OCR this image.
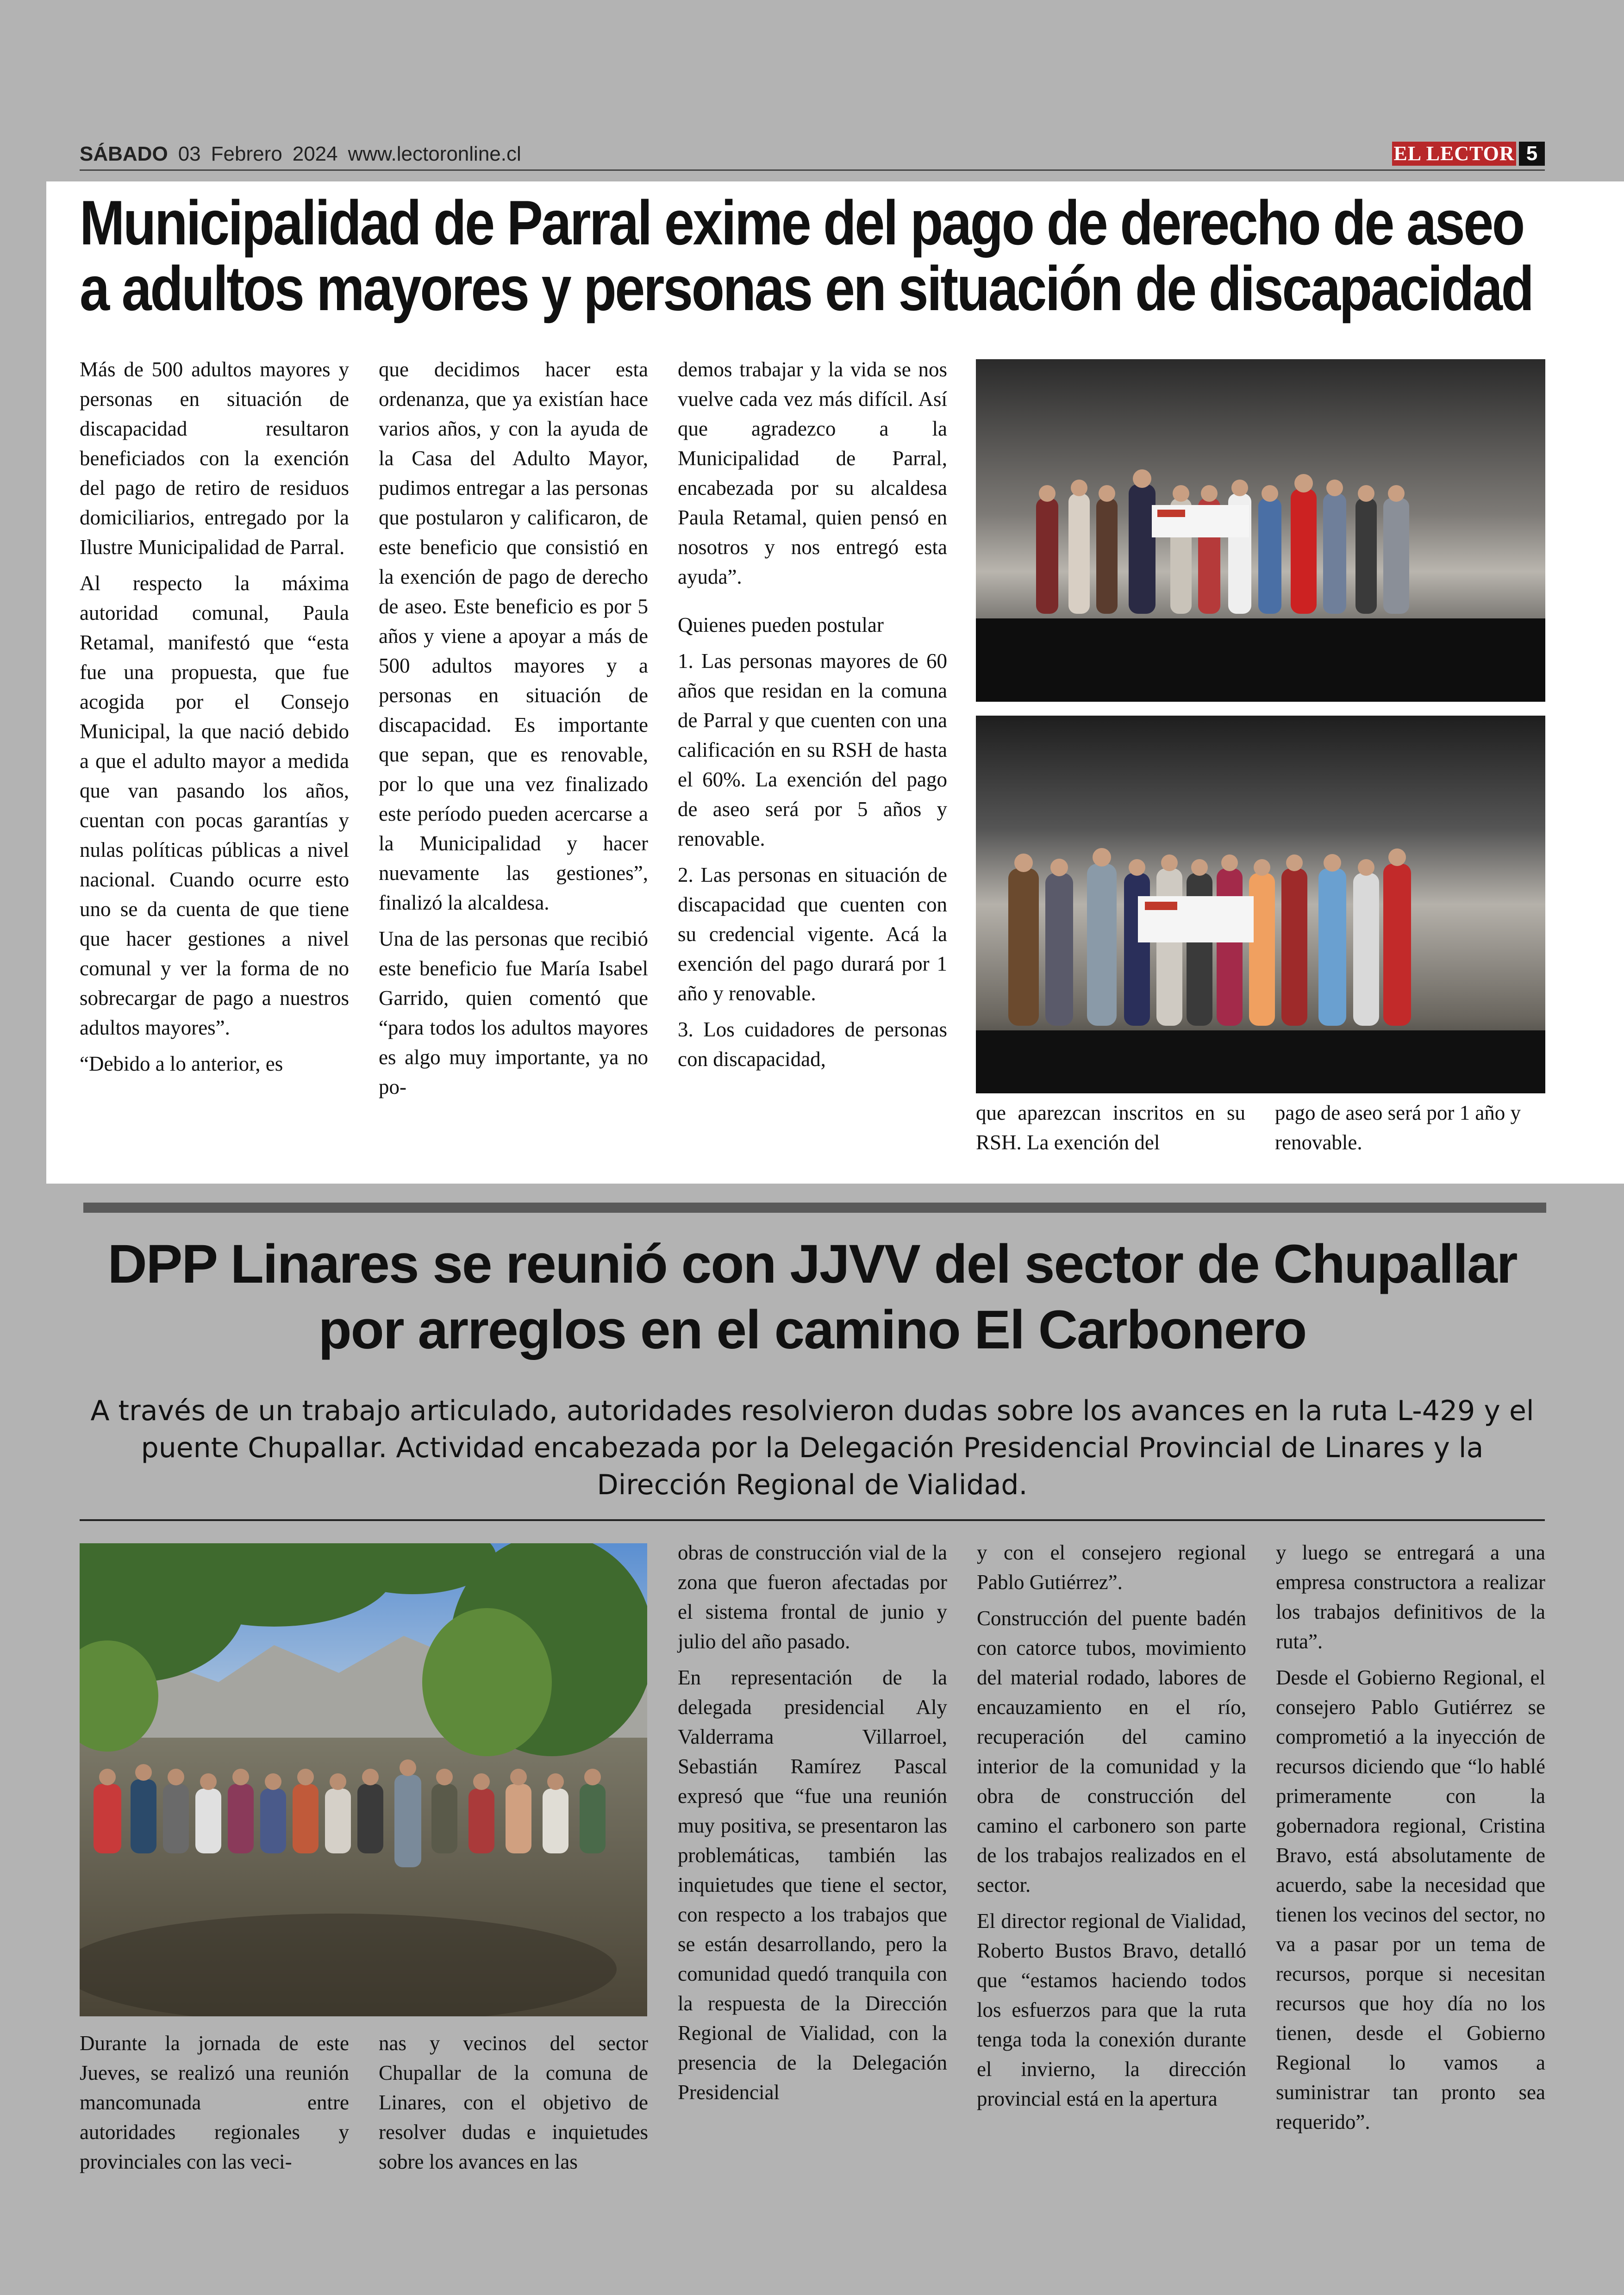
SÁBADO 03 Febrero 2024 www.lectoronline.cl	EL LECTOR 5
Municipalidad de Parral exime del pago de derecho de aseo
a adultos mayores y personas en situación de discapacidad

Más de 500 adultos mayores y personas en situación de discapacidad resultaron beneficiados con la exención del pago de retiro de residuos domiciliarios, entregado por la Ilustre Municipalidad de Parral.

Al respecto la máxima autoridad comunal, Paula Retamal, manifestó que “esta fue una propuesta, que fue acogida por el Consejo Municipal, la que nació debido a que el adulto mayor a medida que van pasando los años, cuentan con pocas garantías y nulas políticas públicas a nivel nacional. Cuando ocurre esto uno se da cuenta de que tiene que hacer gestiones a nivel comunal y ver la forma de no sobrecargar de pago a nuestros adultos mayores”.

“Debido a lo anterior, es

que decidimos hacer esta ordenanza, que ya existían hace varios años, y con la ayuda de la Casa del Adulto Mayor, pudimos entregar a las personas que postularon y calificaron, de este beneficio que consistió en la exención de pago de derecho de aseo. Este beneficio es por 5 años y viene a apoyar a más de 500 adultos mayores y a personas en situación de discapacidad. Es importante que sepan, que es renovable, por lo que una vez finalizado este período pueden acercarse a la Municipalidad y hacer nuevamente las gestiones”, finalizó la alcaldesa.

Una de las personas que recibió este beneficio fue María Isabel Garrido, quien comentó que “para todos los adultos mayores es algo muy importante, ya no po-

demos trabajar y la vida se nos vuelve cada vez más difícil. Así que agradezco a la Municipalidad de Parral, encabezada por su alcaldesa Paula Retamal, quien pensó en nosotros y nos entregó esta ayuda”.

Quienes pueden postular

1. Las personas mayores de 60 años que residan en la comuna de Parral y que cuenten con una calificación en su RSH de hasta el 60%. La exención del pago de aseo será por 5 años y renovable.

2. Las personas en situación de discapacidad que cuenten con su credencial vigente. Acá la exención del pago durará por 1 año y renovable.

3. Los cuidadores de personas con discapacidad,

que aparezcan inscritos en su RSH. La exención del

pago de aseo será por 1 año y renovable.

DPP Linares se reunió con JJVV del sector de Chupallar
por arreglos en el camino El Carbonero

A través de un trabajo articulado, autoridades resolvieron dudas sobre los avances en la ruta L-429 y el puente Chupallar. Actividad encabezada por la Delegación Presidencial Provincial de Linares y la Dirección Regional de Vialidad.

Durante la jornada de este Jueves, se realizó una reunión mancomunada entre autoridades regionales y provinciales con las veci-

nas y vecinos del sector Chupallar de la comuna de Linares, con el objetivo de resolver dudas e inquietudes sobre los avances en las

obras de construcción vial de la zona que fueron afectadas por el sistema frontal de junio y julio del año pasado.

En representación de la delegada presidencial Aly Valderrama Villarroel, Sebastián Ramírez Pascal expresó que “fue una reunión muy positiva, se presentaron las problemáticas, también las inquietudes que tiene el sector, con respecto a los trabajos que se están desarrollando, pero la comunidad quedó tranquila con la respuesta de la Dirección Regional de Vialidad, con la presencia de la Delegación Presidencial

y con el consejero regional Pablo Gutiérrez”.

Construcción del puente badén con catorce tubos, movimiento del material rodado, labores de encauzamiento en el río, recuperación del camino interior de la comunidad y la obra de construcción del camino el carbonero son parte de los trabajos realizados en el sector.

El director regional de Vialidad, Roberto Bustos Bravo, detalló que “estamos haciendo todos los esfuerzos para que la ruta tenga toda la conexión durante el invierno, la dirección provincial está en la apertura

y luego se entregará a una empresa constructora a realizar los trabajos definitivos de la ruta”.

Desde el Gobierno Regional, el consejero Pablo Gutiérrez se comprometió a la inyección de recursos diciendo que “lo hablé primeramente con la gobernadora regional, Cristina Bravo, está absolutamente de acuerdo, sabe la necesidad que tienen los vecinos del sector, no va a pasar por un tema de recursos, porque si necesitan recursos que hoy día no los tienen, desde el Gobierno Regional lo vamos a suministrar tan pronto sea requerido”.
